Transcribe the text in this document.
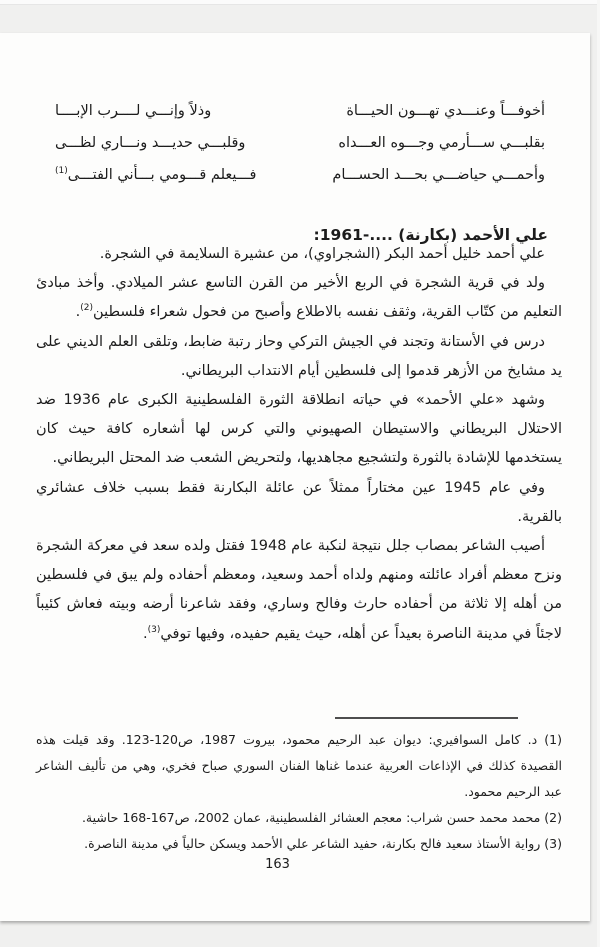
أخوفـــاً وعنـــدي تهـــون الحيـــاة
وذلاً وإنـــي لــــرب الإبــــا
بقلبـــي ســـأرمي وجـــوه العـــداه
وقلبـــي حديـــد ونـــاري لظـــى
وأحمـــي حياضـــي بحـــد الحســـام
فـــيعلم قـــومي بـــأني الفتـــى$^{(1)}$
علي الأحمد (بكارنة) ....-1961:

علي أحمد خليل أحمد البكر (الشجراوي)، من عشيرة السلايمة في الشجرة.

ولد في قرية الشجرة في الربع الأخير من القرن التاسع عشر الميلادي. وأخذ مبادئ التعليم من كتّاب القرية، وثقف نفسه بالاطلاع وأصبح من فحول شعراء فلسطين$^{(2)}$.

درس في الأستانة وتجند في الجيش التركي وحاز رتبة ضابط، وتلقى العلم الديني على يد مشايخ من الأزهر قدموا إلى فلسطين أيام الانتداب البريطاني.

وشهد «علي الأحمد» في حياته انطلاقة الثورة الفلسطينية الكبرى عام 1936 ضد الاحتلال البريطاني والاستيطان الصهيوني والتي كرس لها أشعاره كافة حيث كان يستخدمها للإشادة بالثورة ولتشجيع مجاهديها، ولتحريض الشعب ضد المحتل البريطاني.

وفي عام 1945 عين مختاراً ممثلاً عن عائلة البكارنة فقط بسبب خلاف عشائري بالقرية.

أصيب الشاعر بمصاب جلل نتيجة لنكبة عام 1948 فقتل ولده سعد في معركة الشجرة ونزح معظم أفراد عائلته ومنهم ولداه أحمد وسعيد، ومعظم أحفاده ولم يبق في فلسطين من أهله إلا ثلاثة من أحفاده حارث وفالح وساري، وفقد شاعرنا أرضه وبيته فعاش كئيباً لاجئاً في مدينة الناصرة بعيداً عن أهله، حيث يقيم حفيده، وفيها توفي$^{(3)}$.

(1) د. كامل السوافيري: ديوان عبد الرحيم محمود، بيروت 1987، ص120-123. وقد قيلت هذه القصيدة كذلك في الإذاعات العربية عندما غناها الفنان السوري صباح فخري، وهي من تأليف الشاعر عبد الرحيم محمود.

(2) محمد محمد حسن شراب: معجم العشائر الفلسطينية، عمان 2002، ص167-168 حاشية.

(3) رواية الأستاذ سعيد فالح بكارنة، حفيد الشاعر علي الأحمد ويسكن حالياً في مدينة الناصرة.

163
